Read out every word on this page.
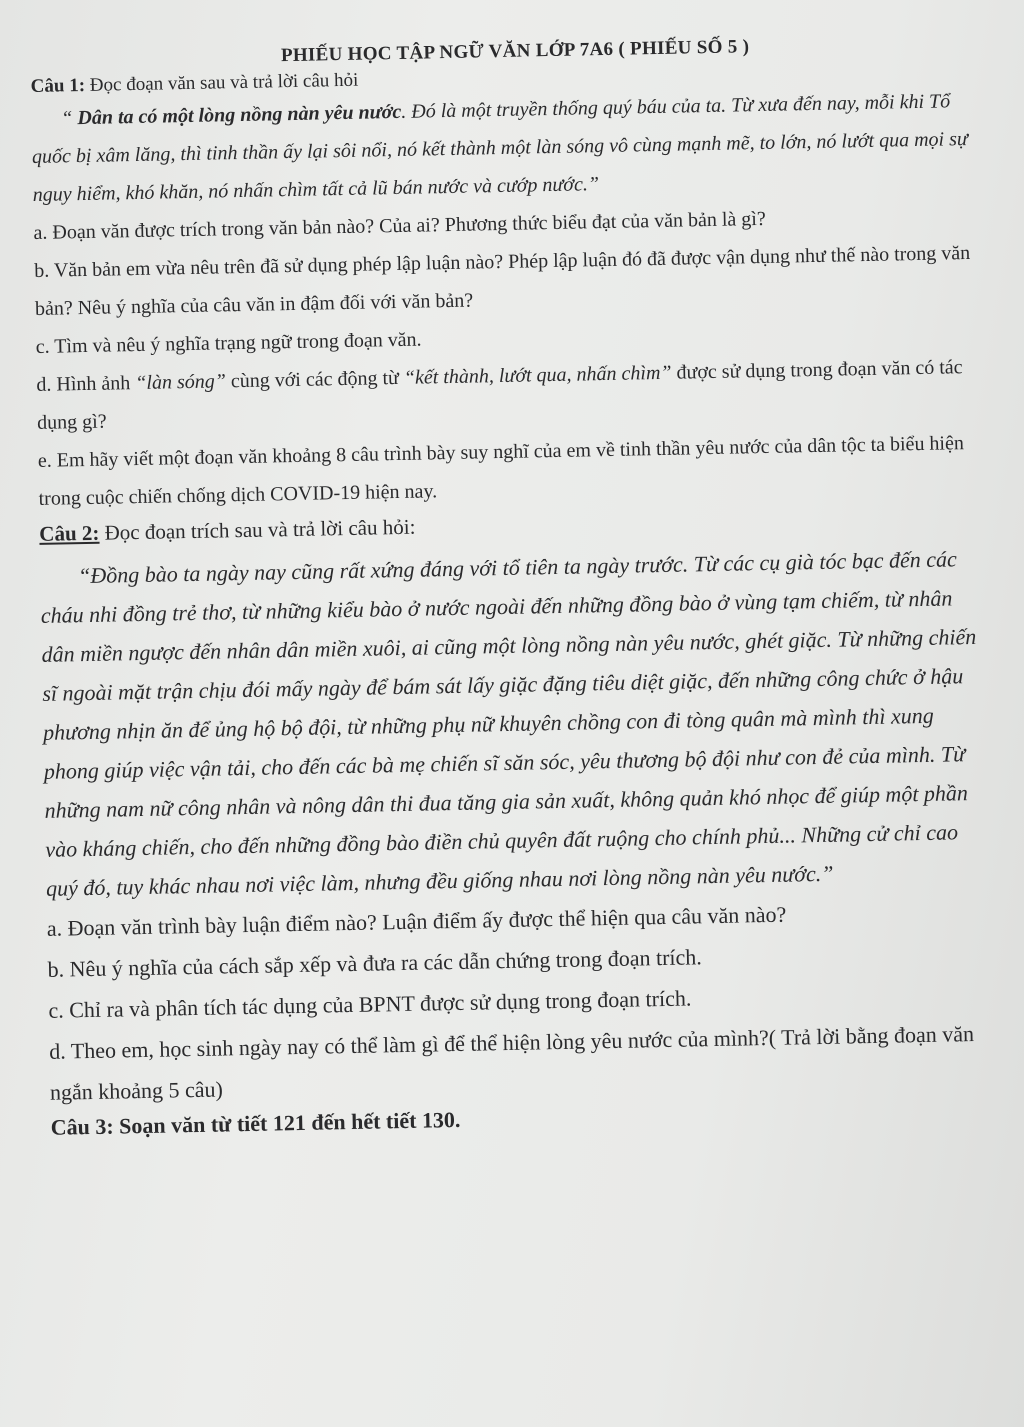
PHIẾU HỌC TẬP NGỮ VĂN LỚP 7A6 ( PHIẾU SỐ 5 )

Câu 1: Đọc đoạn văn sau và trả lời câu hỏi

“ Dân ta có một lòng nồng nàn yêu nước. Đó là một truyền thống quý báu của ta. Từ xưa đến nay, mỗi khi Tổ quốc bị xâm lăng, thì tinh thần ấy lại sôi nổi, nó kết thành một làn sóng vô cùng mạnh mẽ, to lớn, nó lướt qua mọi sự nguy hiểm, khó khăn, nó nhấn chìm tất cả lũ bán nước và cướp nước.”

a. Đoạn văn được trích trong văn bản nào? Của ai? Phương thức biểu đạt của văn bản là gì?

b. Văn bản em vừa nêu trên đã sử dụng phép lập luận nào? Phép lập luận đó đã được vận dụng như thế nào trong văn bản? Nêu ý nghĩa của câu văn in đậm đối với văn bản?

c. Tìm và nêu ý nghĩa trạng ngữ trong đoạn văn.

d. Hình ảnh “làn sóng” cùng với các động từ “kết thành, lướt qua, nhấn chìm” được sử dụng trong đoạn văn có tác dụng gì?

e. Em hãy viết một đoạn văn khoảng 8 câu trình bày suy nghĩ của em về tinh thần yêu nước của dân tộc ta biểu hiện trong cuộc chiến chống dịch COVID-19 hiện nay.

Câu 2: Đọc đoạn trích sau và trả lời câu hỏi:

“Đồng bào ta ngày nay cũng rất xứng đáng với tổ tiên ta ngày trước. Từ các cụ già tóc bạc đến các cháu nhi đồng trẻ thơ, từ những kiểu bào ở nước ngoài đến những đồng bào ở vùng tạm chiếm, từ nhân dân miền ngược đến nhân dân miền xuôi, ai cũng một lòng nồng nàn yêu nước, ghét giặc. Từ những chiến sĩ ngoài mặt trận chịu đói mấy ngày để bám sát lấy giặc đặng tiêu diệt giặc, đến những công chức ở hậu phương nhịn ăn để ủng hộ bộ đội, từ những phụ nữ khuyên chồng con đi tòng quân mà mình thì xung phong giúp việc vận tải, cho đến các bà mẹ chiến sĩ săn sóc, yêu thương bộ đội như con đẻ của mình. Từ những nam nữ công nhân và nông dân thi đua tăng gia sản xuất, không quản khó nhọc để giúp một phần vào kháng chiến, cho đến những đồng bào điền chủ quyên đất ruộng cho chính phủ... Những cử chỉ cao quý đó, tuy khác nhau nơi việc làm, nhưng đều giống nhau nơi lòng nồng nàn yêu nước.”

a. Đoạn văn trình bày luận điểm nào? Luận điểm ấy được thể hiện qua câu văn nào?

b. Nêu ý nghĩa của cách sắp xếp và đưa ra các dẫn chứng trong đoạn trích.

c. Chỉ ra và phân tích tác dụng của BPNT được sử dụng trong đoạn trích.

d. Theo em, học sinh ngày nay có thể làm gì để thể hiện lòng yêu nước của mình?( Trả lời bằng đoạn văn ngắn khoảng 5 câu)

Câu 3: Soạn văn từ tiết 121 đến hết tiết 130.
